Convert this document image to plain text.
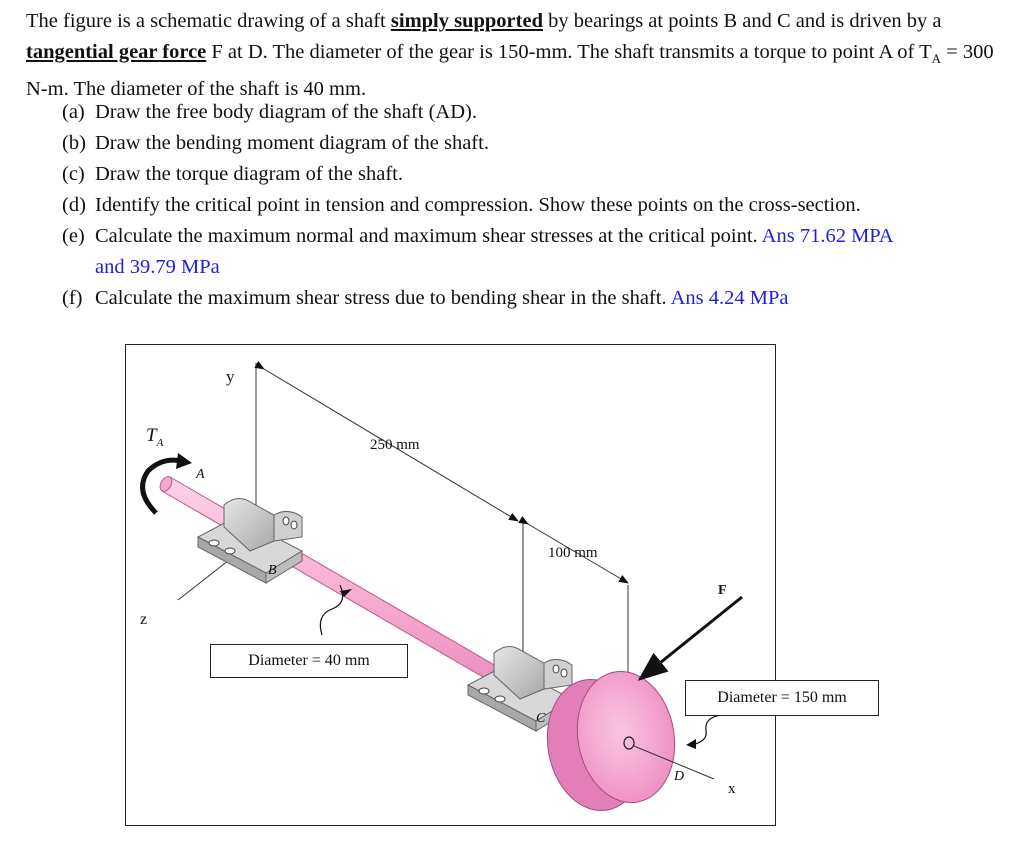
The figure is a schematic drawing of a shaft simply supported by bearings at points B and C and is driven by a tangential gear force F at D. The diameter of the gear is 150-mm. The shaft transmits a torque to point A of $T_A = 300$ N-m. The diameter of the shaft is 40 mm.
(a) Draw the free body diagram of the shaft (AD).
(b) Draw the bending moment diagram of the shaft.
(c) Draw the torque diagram of the shaft.
(d) Identify the critical point in tension and compression. Show these points on the cross-section.
(e) Calculate the maximum normal and maximum shear stresses at the critical point. Ans 71.62 MPA
and 39.79 MPa
(f) Calculate the maximum shear stress due to bending shear in the shaft. Ans 4.24 MPa
y
z
x
$T_A$
A
B
C
D
F
250 mm
100 mm
Diameter = 40 mm
Diameter = 150 mm
